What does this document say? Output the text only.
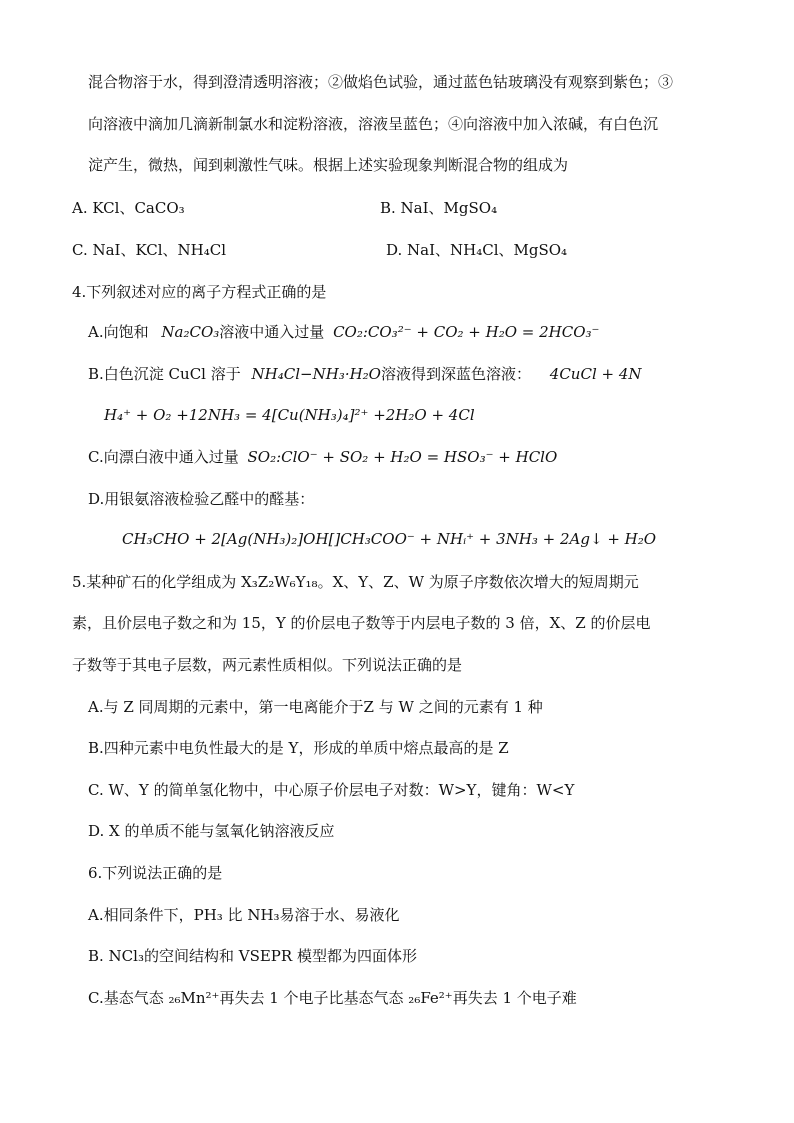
混合物溶于水，得到澄清透明溶液；②做焰色试验，通过蓝色钴玻璃没有观察到紫色；③
向溶液中滴加几滴新制氯水和淀粉溶液，溶液呈蓝色；④向溶液中加入浓碱，有白色沉
淀产生，微热，闻到刺激性气味。根据上述实验现象判断混合物的组成为
A. KCl、CaCO₃	B. NaI、MgSO₄
C. NaI、KCl、NH₄Cl	D. NaI、NH₄Cl、MgSO₄
4.下列叙述对应的离子方程式正确的是
A.向饱和 Na₂CO₃溶液中通入过量 CO₂:CO₃²⁻ + CO₂ + H₂O = 2HCO₃⁻
B.白色沉淀 CuCl 溶于 NH₄Cl−NH₃·H₂O溶液得到深蓝色溶液： 4CuCl + 4N
H₄⁺ + O₂ +12NH₃ = 4[Cu(NH₃)₄]²⁺ +2H₂O + 4Cl
C.向漂白液中通入过量 SO₂:ClO⁻ + SO₂ + H₂O = HSO₃⁻ + HClO
D.用银氨溶液检验乙醛中的醛基：
CH₃CHO + 2[Ag(NH₃)₂]OH[]CH₃COO⁻ + NHᵢ⁺ + 3NH₃ + 2Ag↓ + H₂O
5.某种矿石的化学组成为 X₃Z₂W₆Y₁₈。X、Y、Z、W 为原子序数依次增大的短周期元
素，且价层电子数之和为 15，Y 的价层电子数等于内层电子数的 3 倍，X、Z 的价层电
子数等于其电子层数，两元素性质相似。下列说法正确的是
A.与 Z 同周期的元素中，第一电离能介于Z 与 W 之间的元素有 1 种
B.四种元素中电负性最大的是 Y，形成的单质中熔点最高的是 Z
C. W、Y 的简单氢化物中，中心原子价层电子对数：W>Y，键角：W<Y
D. X 的单质不能与氢氧化钠溶液反应
6.下列说法正确的是
A.相同条件下，PH₃ 比 NH₃易溶于水、易液化
B. NCl₃的空间结构和 VSEPR 模型都为四面体形
C.基态气态 ₂₆Mn²⁺再失去 1 个电子比基态气态 ₂₆Fe²⁺再失去 1 个电子难
